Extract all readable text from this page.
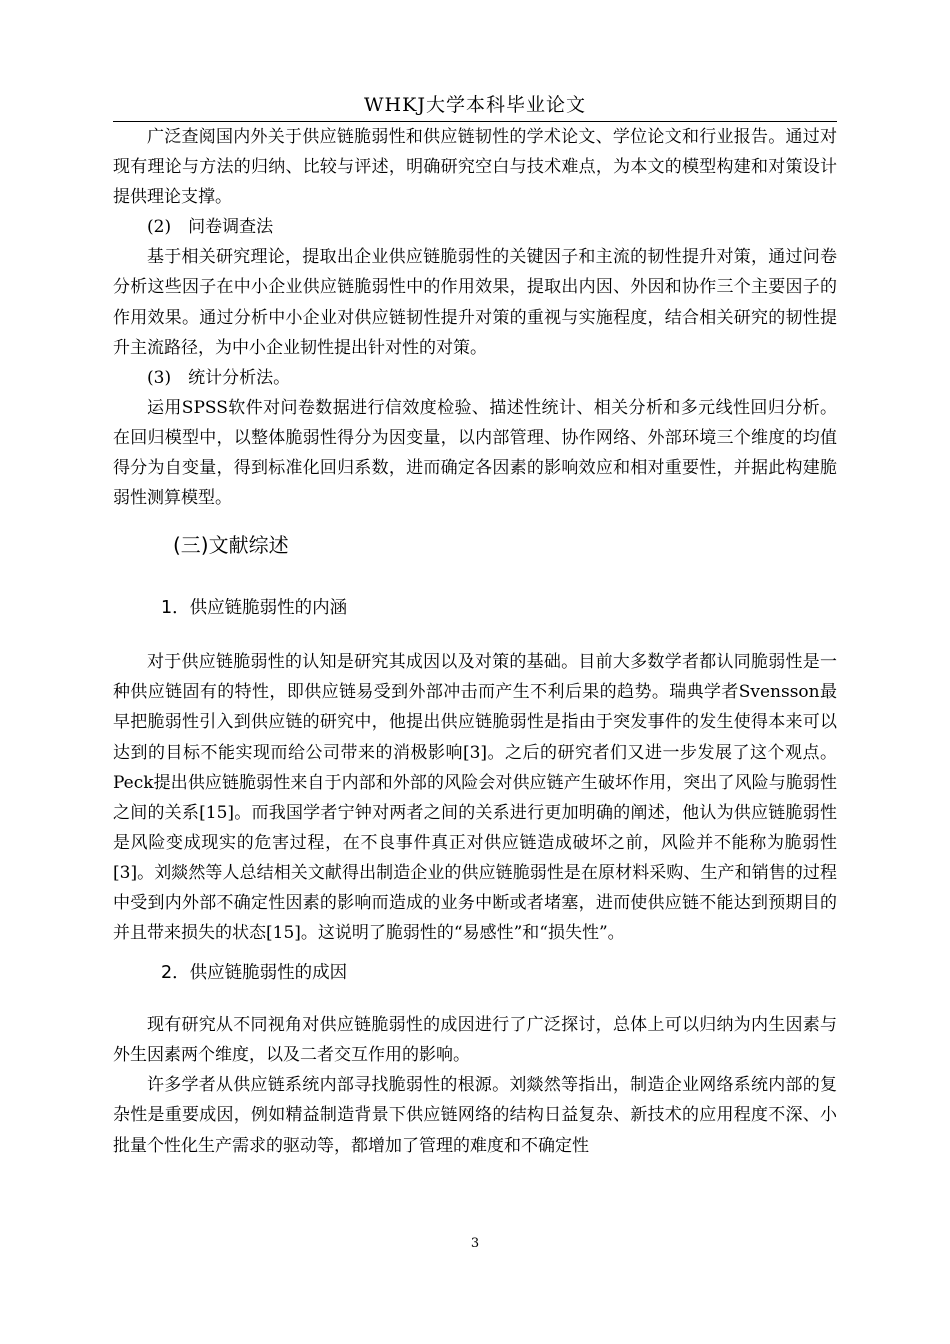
WHKJ大学本科毕业论文

广泛查阅国内外关于供应链脆弱性和供应链韧性的学术论文、学位论文和行业报告。通过对现有理论与方法的归纳、比较与评述，明确研究空白与技术难点，为本文的模型构建和对策设计提供理论支撑。

(2)　问卷调查法

基于相关研究理论，提取出企业供应链脆弱性的关键因子和主流的韧性提升对策，通过问卷分析这些因子在中小企业供应链脆弱性中的作用效果，提取出内因、外因和协作三个主要因子的作用效果。通过分析中小企业对供应链韧性提升对策的重视与实施程度，结合相关研究的韧性提升主流路径，为中小企业韧性提出针对性的对策。

(3)　统计分析法。

运用SPSS软件对问卷数据进行信效度检验、描述性统计、相关分析和多元线性回归分析。在回归模型中，以整体脆弱性得分为因变量，以内部管理、协作网络、外部环境三个维度的均值得分为自变量，得到标准化回归系数，进而确定各因素的影响效应和相对重要性，并据此构建脆弱性测算模型。

(三)文献综述
1．供应链脆弱性的内涵

对于供应链脆弱性的认知是研究其成因以及对策的基础。目前大多数学者都认同脆弱性是一种供应链固有的特性，即供应链易受到外部冲击而产生不利后果的趋势。瑞典学者Svensson最早把脆弱性引入到供应链的研究中，他提出供应链脆弱性是指由于突发事件的发生使得本来可以达到的目标不能实现而给公司带来的消极影响[3]。之后的研究者们又进一步发展了这个观点。Peck提出供应链脆弱性来自于内部和外部的风险会对供应链产生破坏作用，突出了风险与脆弱性之间的关系[15]。而我国学者宁钟对两者之间的关系进行更加明确的阐述，他认为供应链脆弱性是风险变成现实的危害过程，在不良事件真正对供应链造成破坏之前，风险并不能称为脆弱性[3]。刘燚然等人总结相关文献得出制造企业的供应链脆弱性是在原材料采购、生产和销售的过程中受到内外部不确定性因素的影响而造成的业务中断或者堵塞，进而使供应链不能达到预期目的并且带来损失的状态[15]。这说明了脆弱性的“易感性”和“损失性”。

2．供应链脆弱性的成因

现有研究从不同视角对供应链脆弱性的成因进行了广泛探讨，总体上可以归纳为内生因素与外生因素两个维度，以及二者交互作用的影响。

许多学者从供应链系统内部寻找脆弱性的根源。刘燚然等指出，制造企业网络系统内部的复杂性是重要成因，例如精益制造背景下供应链网络的结构日益复杂、新技术的应用程度不深、小批量个性化生产需求的驱动等，都增加了管理的难度和不确定性

3
